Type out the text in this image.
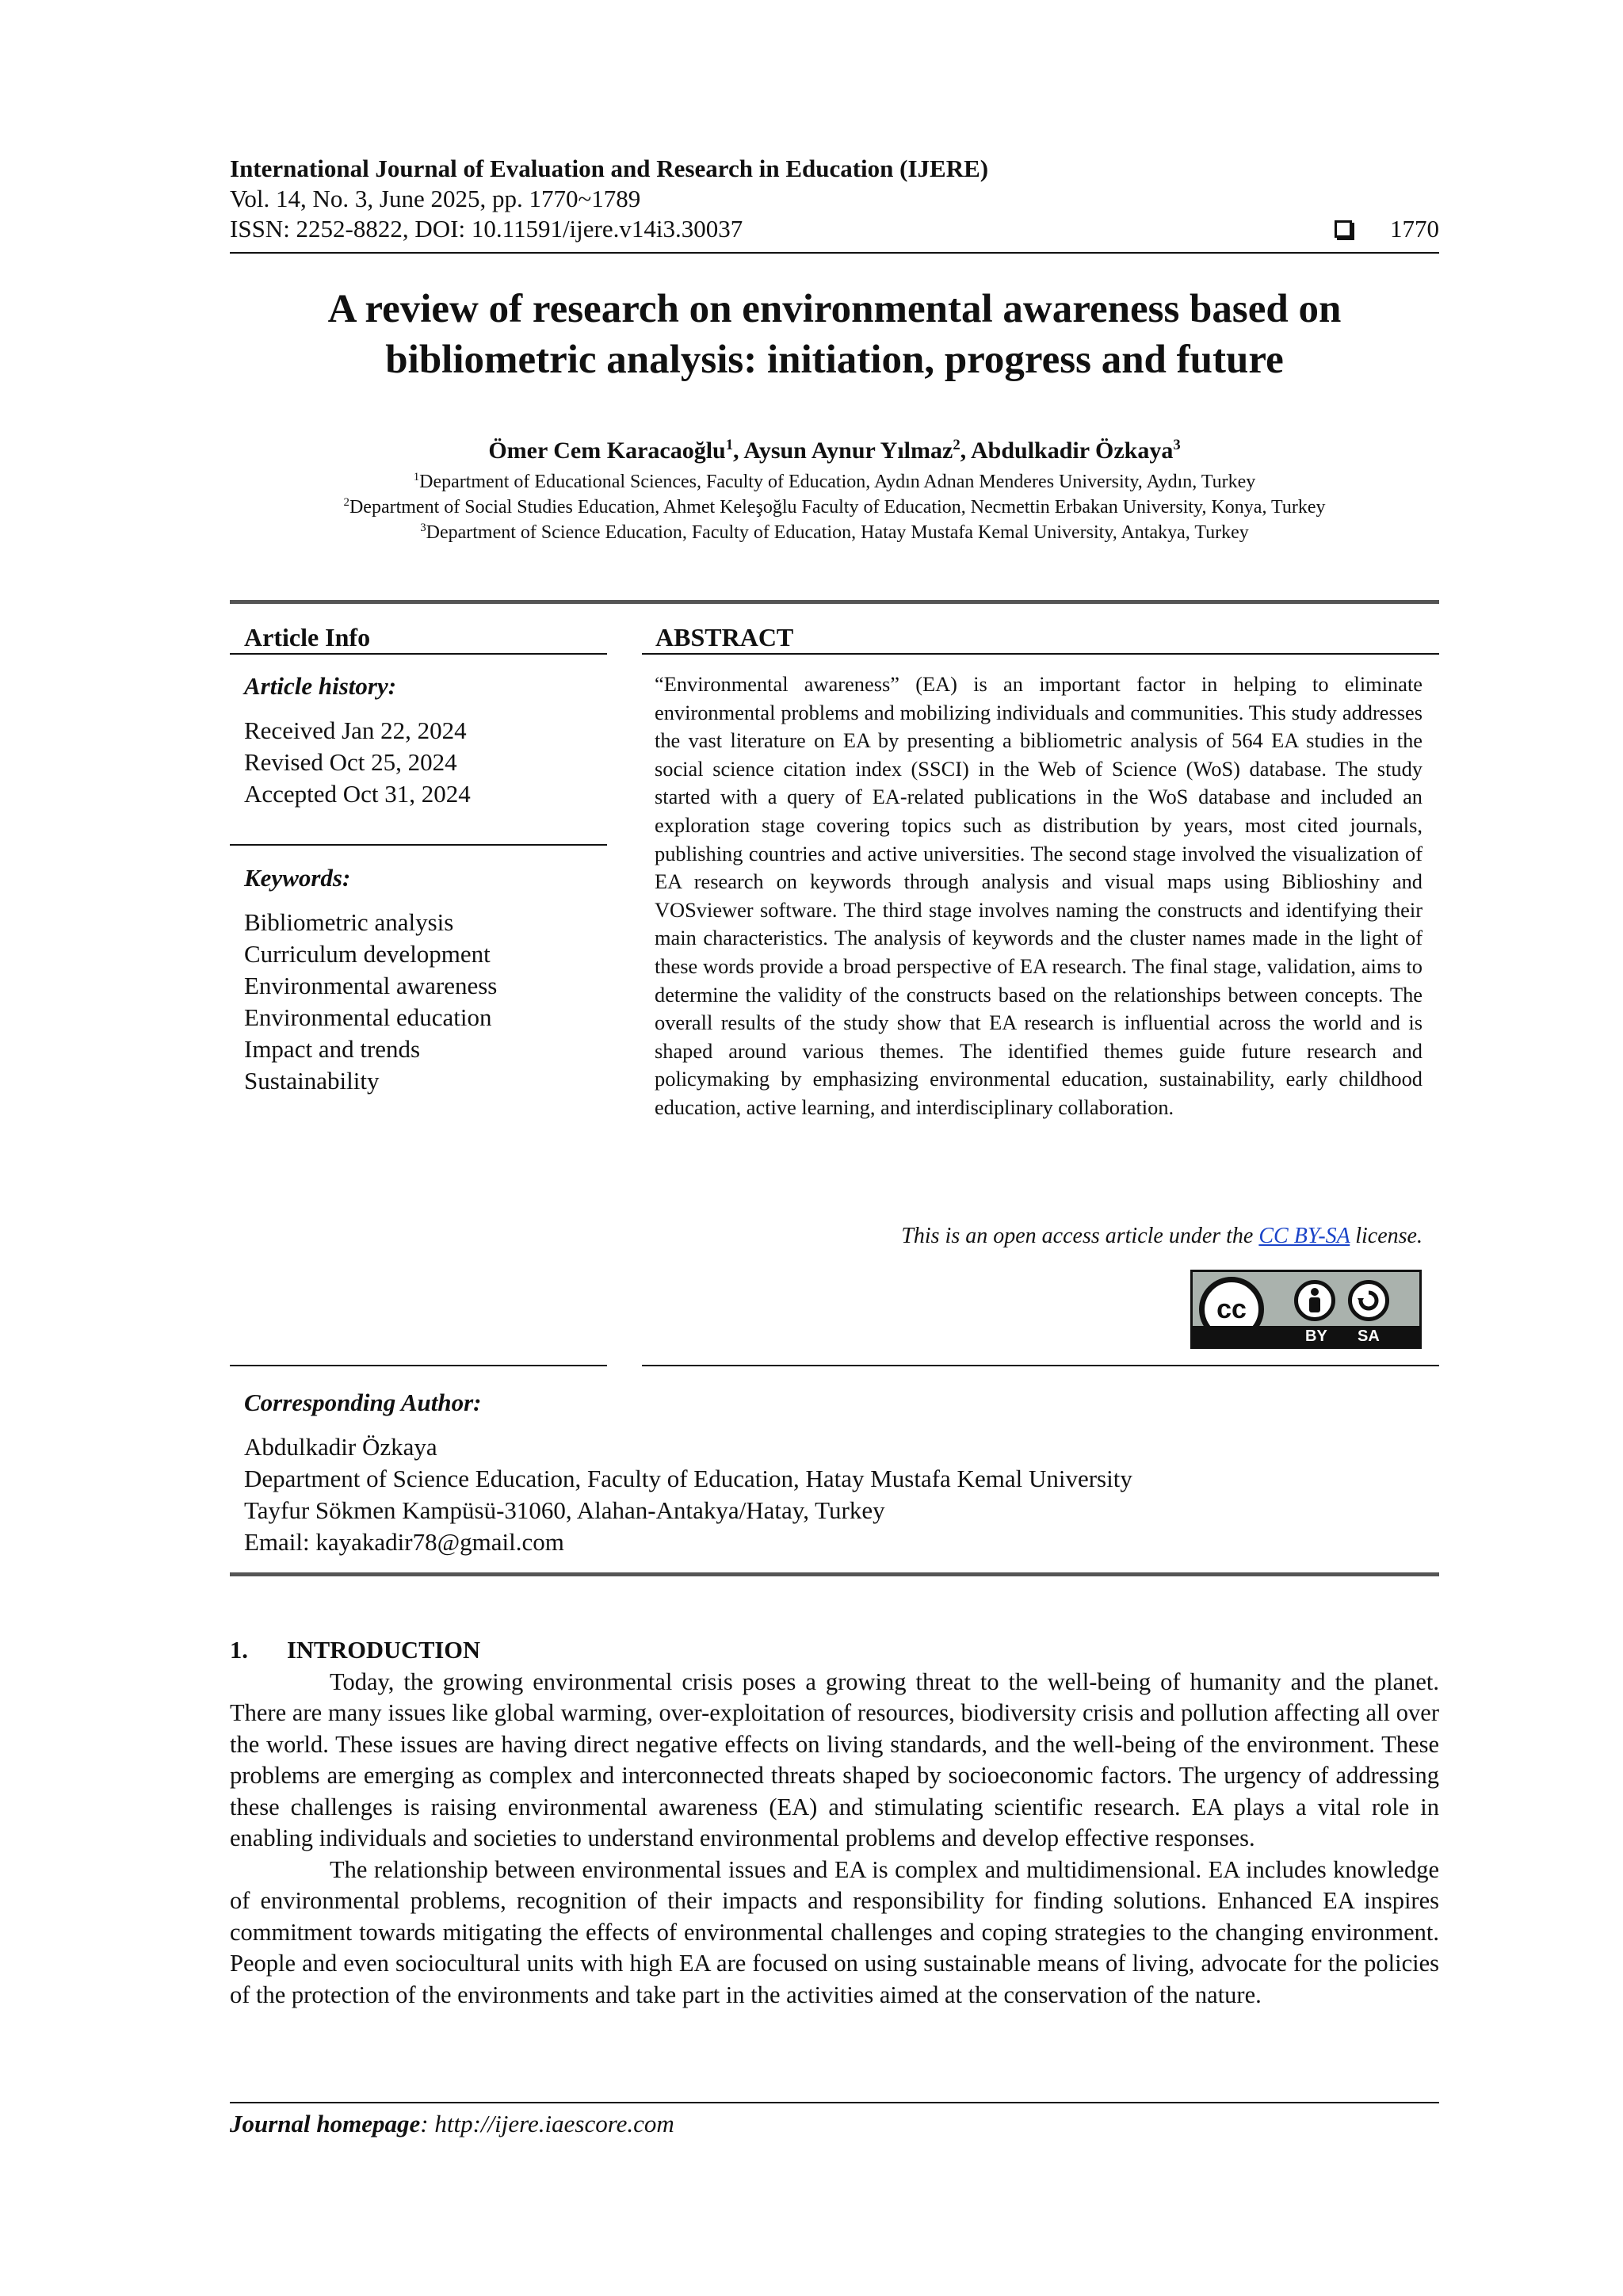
International Journal of Evaluation and Research in Education (IJERE)
Vol. 14, No. 3, June 2025, pp. 1770~1789
ISSN: 2252-8822, DOI: 10.11591/ijere.v14i3.30037	1770
A review of research on environmental awareness based on
bibliometric analysis: initiation, progress and future
Ömer Cem Karacaoğlu$^1$, Aysun Aynur Yılmaz$^2$, Abdulkadir Özkaya$^3$
$^1$Department of Educational Sciences, Faculty of Education, Aydın Adnan Menderes University, Aydın, Turkey
$^2$Department of Social Studies Education, Ahmet Keleşoğlu Faculty of Education, Necmettin Erbakan University, Konya, Turkey
$^3$Department of Science Education, Faculty of Education, Hatay Mustafa Kemal University, Antakya, Turkey
Article Info
Article history:
Received Jan 22, 2024
Revised Oct 25, 2024
Accepted Oct 31, 2024
Keywords:
Bibliometric analysis
Curriculum development
Environmental awareness
Environmental education
Impact and trends
Sustainability
ABSTRACT
“Environmental awareness” (EA) is an important factor in helping to eliminate environmental problems and mobilizing individuals and communities. This study addresses the vast literature on EA by presenting a bibliometric analysis of 564 EA studies in the social science citation index (SSCI) in the Web of Science (WoS) database. The study started with a query of EA-related publications in the WoS database and included an exploration stage covering topics such as distribution by years, most cited journals, publishing countries and active universities. The second stage involved the visualization of EA research on keywords through analysis and visual maps using Biblioshiny and VOSviewer software. The third stage involves naming the constructs and identifying their main characteristics. The analysis of keywords and the cluster names made in the light of these words provide a broad perspective of EA research. The final stage, validation, aims to determine the validity of the constructs based on the relationships between concepts. The overall results of the study show that EA research is influential across the world and is shaped around various themes. The identified themes guide future research and policymaking by emphasizing environmental education, sustainability, early childhood education, active learning, and interdisciplinary collaboration.
This is an open access article under the CC BY-SA license.
cc
BY SA
Corresponding Author:
Abdulkadir Özkaya
Department of Science Education, Faculty of Education, Hatay Mustafa Kemal University
Tayfur Sökmen Kampüsü-31060, Alahan-Antakya/Hatay, Turkey
Email: kayakadir78@gmail.com
1. INTRODUCTION

Today, the growing environmental crisis poses a growing threat to the well-being of humanity and the planet. There are many issues like global warming, over-exploitation of resources, biodiversity crisis and pollution affecting all over the world. These issues are having direct negative effects on living standards, and the well-being of the environment. These problems are emerging as complex and interconnected threats shaped by socioeconomic factors. The urgency of addressing these challenges is raising environmental awareness (EA) and stimulating scientific research. EA plays a vital role in enabling individuals and societies to understand environmental problems and develop effective responses.

The relationship between environmental issues and EA is complex and multidimensional. EA includes knowledge of environmental problems, recognition of their impacts and responsibility for finding solutions. Enhanced EA inspires commitment towards mitigating the effects of environmental challenges and coping strategies to the changing environment. People and even sociocultural units with high EA are focused on using sustainable means of living, advocate for the policies of the protection of the environments and take part in the activities aimed at the conservation of the nature.

Journal homepage: http://ijere.iaescore.com
